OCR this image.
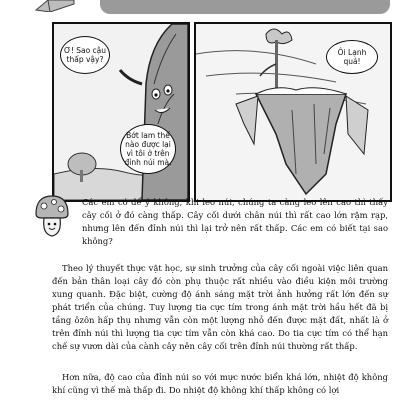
Ơ! Sao cậu thấp vậy?
Bớt lam thế nào được lại vì tôi ở trên đỉnh núi mà.
Ôi Lạnh quá!
Các em có để ý không, khi leo núi, chúng ta càng leo lên cao thì thấy cây cối ở đó càng thấp. Cây cối dưới chân núi thì rất cao lớn rậm rạp, nhưng lên đến đỉnh núi thì lại trở nên rất thấp. Các em có biết tại sao không?
Theo lý thuyết thực vật học, sự sinh trưởng của cây cối ngoài việc liên quan đến bản thân loại cây đó còn phụ thuộc rất nhiều vào điều kiện môi trường xung quanh. Đặc biệt, cường độ ánh sáng mặt trời ảnh hưởng rất lớn đến sự phát triển của chúng. Tuy lượng tia cực tím trong ánh mặt trời hầu hết đã bị tầng ôzôn hấp thụ nhưng vẫn còn một lượng nhỏ đến được mặt đất, nhất là ở trên đỉnh núi thì lượng tia cực tím vẫn còn khá cao. Do tia cực tím có thể hạn chế sự vươn dài của cành cây nên cây cối trên đỉnh núi thường rất thấp.
Hơn nữa, độ cao của đỉnh núi so với mực nước biển khá lớn, nhiệt độ không khí cũng vì thế mà thấp đi. Do nhiệt độ không khí thấp không có lợi
